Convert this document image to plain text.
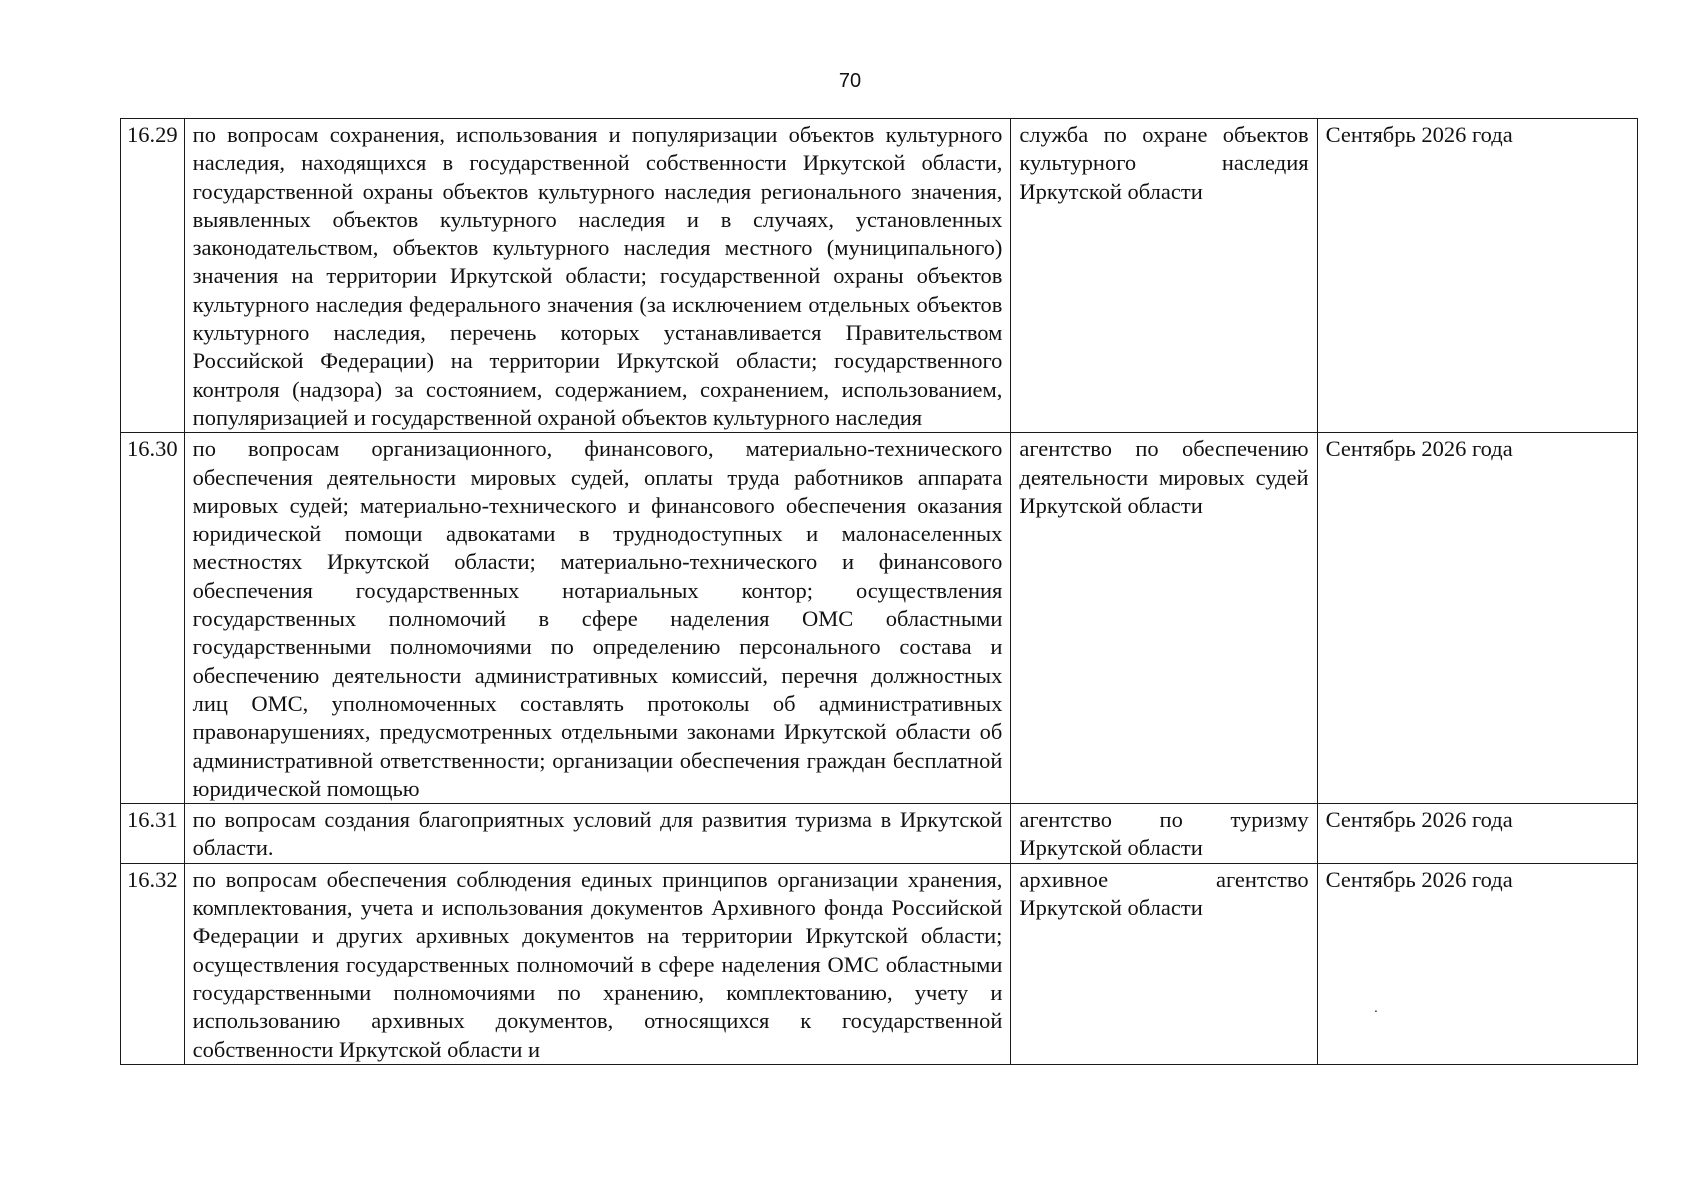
70
16.29	по вопросам сохранения, использования и популяризации объектов культурного наследия, находящихся в государственной собственности Иркутской области, государственной охраны объектов культурного наследия регионального значения, выявленных объектов культурного наследия и в случаях, установленных законодательством, объектов культурного наследия местного (муниципального) значения на территории Иркутской области; государственной охраны объектов культурного наследия федерального значения (за исключением отдельных объектов культурного наследия, перечень которых устанавливается Правительством Российской Федерации) на территории Иркутской области; государственного контроля (надзора) за состоянием, содержанием, сохранением, использованием, популяризацией и государственной охраной объектов культурного наследия	служба по охране объектов культурного наследия Иркутской области	Сентябрь 2026 года
16.30	по вопросам организационного, финансового, материально-технического обеспечения деятельности мировых судей, оплаты труда работников аппарата мировых судей; материально-технического и финансового обеспечения оказания юридической помощи адвокатами в труднодоступных и малонаселенных местностях Иркутской области; материально-технического и финансового обеспечения государственных нотариальных контор; осуществления государственных полномочий в сфере наделения ОМС областными государственными полномочиями по определению персонального состава и обеспечению деятельности административных комиссий, перечня должностных лиц ОМС, уполномоченных составлять протоколы об административных правонарушениях, предусмотренных отдельными законами Иркутской области об административной ответственности; организации обеспечения граждан бесплатной юридической помощью	агентство по обеспечению деятельности мировых судей Иркутской области	Сентябрь 2026 года
16.31	по вопросам создания благоприятных условий для развития туризма в Иркутской области.	агентство по туризму Иркутской области	Сентябрь 2026 года
16.32	по вопросам обеспечения соблюдения единых принципов организации хранения, комплектования, учета и использования документов Архивного фонда Российской Федерации и других архивных документов на территории Иркутской области; осуществления государственных полномочий в сфере наделения ОМС областными государственными полномочиями по хранению, комплектованию, учету и использованию архивных документов, относящихся к государственной собственности Иркутской области и	архивное агентство Иркутской области	Сентябрь 2026 года
·
